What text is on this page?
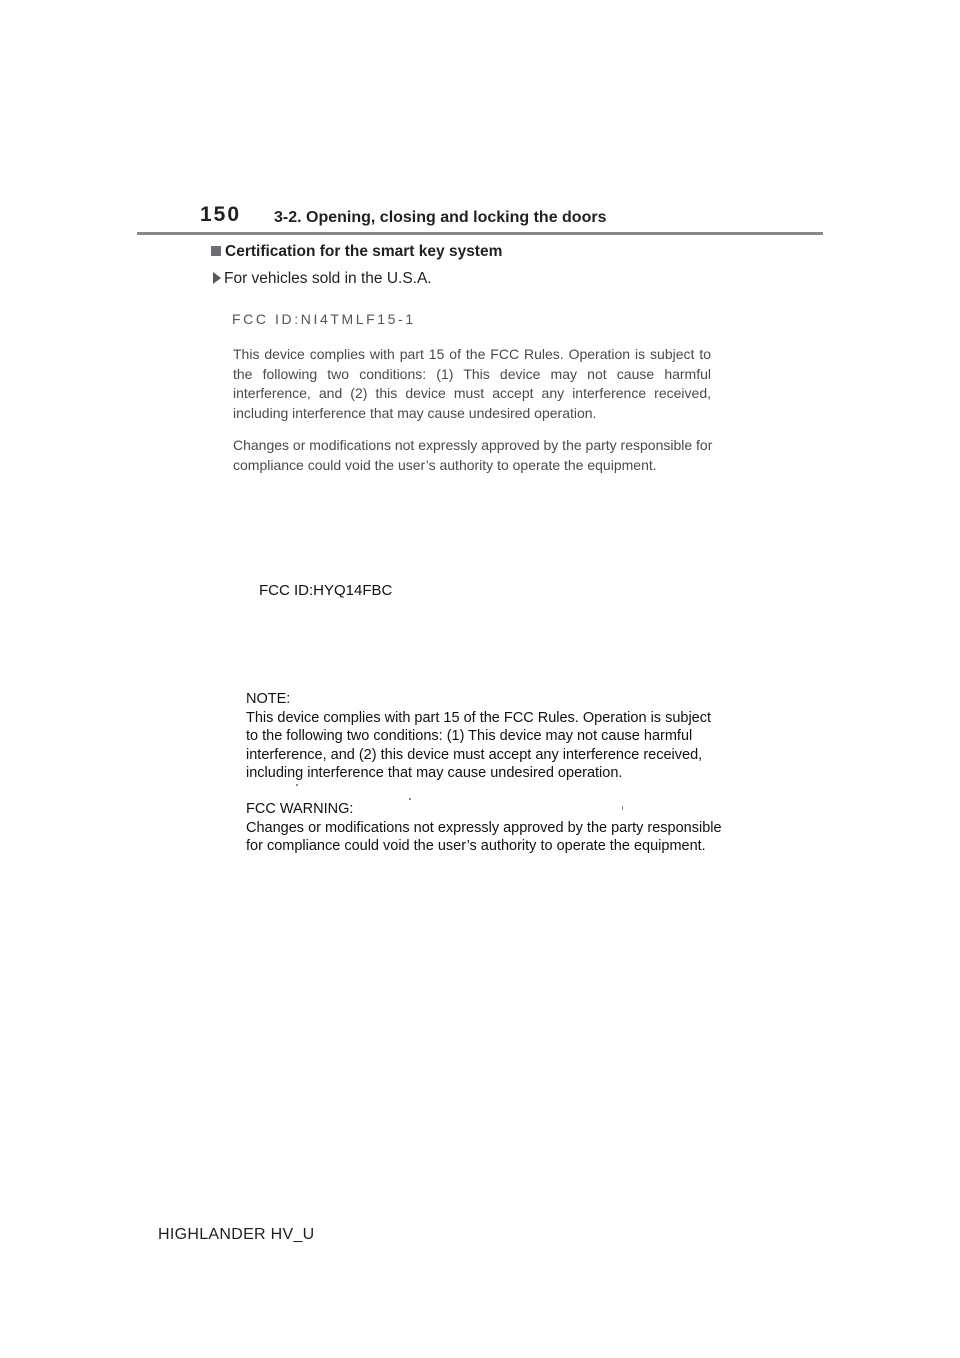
150 3-2. Opening, closing and locking the doors
Certification for the smart key system
For vehicles sold in the U.S.A.
FCC ID:NI4TMLF15-1

This device complies with part 15 of the FCC Rules. Operation is subject to the following two conditions: (1) This device may not cause harmful interference, and (2) this device must accept any interference received, including interference that may cause undesired operation.

Changes or modifications not expressly approved by the party responsible for compliance could void the user’s authority to operate the equipment.

FCC ID:HYQ14FBC

NOTE:
This device complies with part 15 of the FCC Rules. Operation is subject to the following two conditions: (1) This device may not cause harmful interference, and (2) this device must accept any interference received, including interference that may cause undesired operation.

FCC WARNING:
Changes or modifications not expressly approved by the party responsible for compliance could void the user’s authority to operate the equipment.

HIGHLANDER HV_U
